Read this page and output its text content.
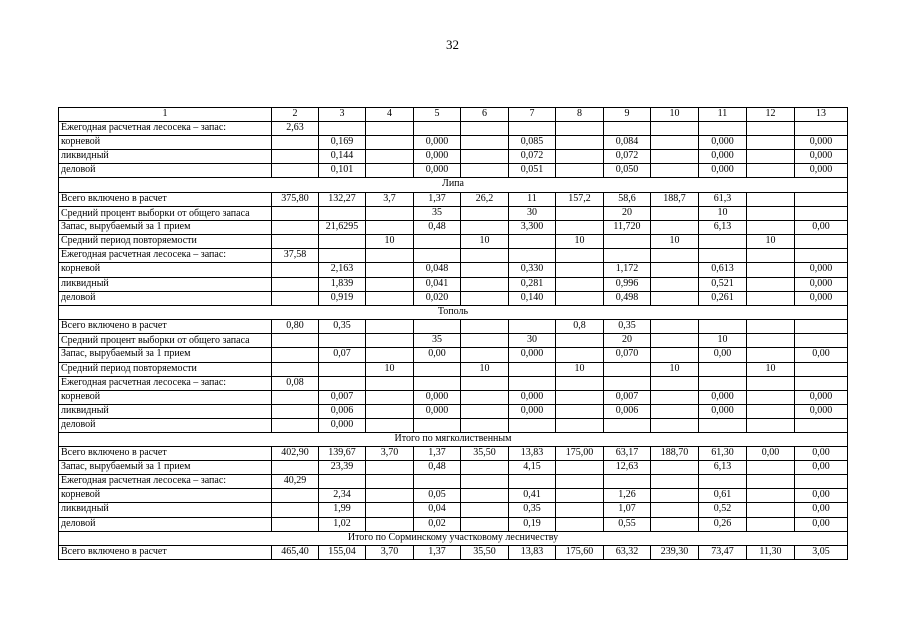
32
1	2	3	4	5	6	7	8	9	10	11	12	13
Ежегодная расчетная лесосека – запас:	2,63											
корневой		0,169		0,000		0,085		0,084		0,000		0,000
ликвидный		0,144		0,000		0,072		0,072		0,000		0,000
деловой		0,101		0,000		0,051		0,050		0,000		0,000
Липа												
Всего включено в расчет	375,80	132,27	3,7	1,37	26,2	11	157,2	58,6	188,7	61,3		
Средний процент выборки от общего запаса				35		30		20		10		
Запас, вырубаемый за 1 прием		21,6295		0,48		3,300		11,720		6,13		0,00
Средний период повторяемости			10		10		10		10		10	
Ежегодная расчетная лесосека – запас:	37,58											
корневой		2,163		0,048		0,330		1,172		0,613		0,000
ликвидный		1,839		0,041		0,281		0,996		0,521		0,000
деловой		0,919		0,020		0,140		0,498		0,261		0,000
Тополь												
Всего включено в расчет	0,80	0,35					0,8	0,35				
Средний процент выборки от общего запаса				35		30		20		10		
Запас, вырубаемый за 1 прием		0,07		0,00		0,000		0,070		0,00		0,00
Средний период повторяемости			10		10		10		10		10	
Ежегодная расчетная лесосека – запас:	0,08											
корневой		0,007		0,000		0,000		0,007		0,000		0,000
ликвидный		0,006		0,000		0,000		0,006		0,000		0,000
деловой		0,000										
Итого по мягколиственным												
Всего включено в расчет	402,90	139,67	3,70	1,37	35,50	13,83	175,00	63,17	188,70	61,30	0,00	0,00
Запас, вырубаемый за 1 прием		23,39		0,48		4,15		12,63		6,13		0,00
Ежегодная расчетная лесосека – запас:	40,29											
корневой		2,34		0,05		0,41		1,26		0,61		0,00
ликвидный		1,99		0,04		0,35		1,07		0,52		0,00
деловой		1,02		0,02		0,19		0,55		0,26		0,00
Итого по Сорминскому участковому лесничеству												
Всего включено в расчет	465,40	155,04	3,70	1,37	35,50	13,83	175,60	63,32	239,30	73,47	11,30	3,05
